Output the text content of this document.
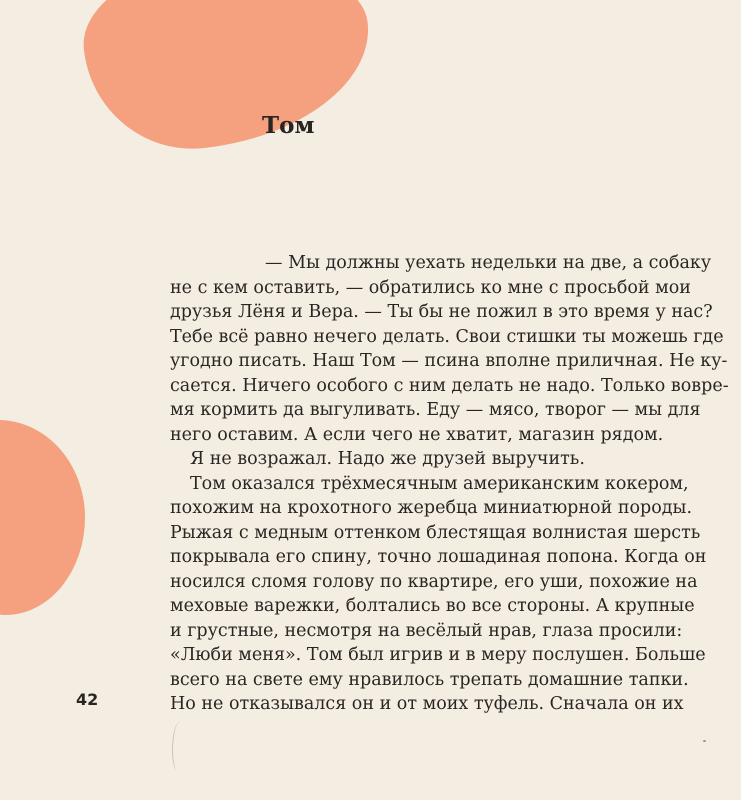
Том
— Мы должны уехать недельки на две, а собаку
не с кем оставить, — обратились ко мне с просьбой мои
друзья Лёня и Вера. — Ты бы не пожил в это время у нас?
Тебе всё равно нечего делать. Свои стишки ты можешь где
угодно писать. Наш Том — псина вполне приличная. Не ку-
сается. Ничего особого с ним делать не надо. Только вовре-
мя кормить да выгуливать. Еду — мясо, творог — мы для
него оставим. А если чего не хватит, магазин рядом.
Я не возражал. Надо же друзей выручить.
Том оказался трёхмесячным американским кокером,
похожим на крохотного жеребца миниатюрной породы.
Рыжая с медным оттенком блестящая волнистая шерсть
покрывала его спину, точно лошадиная попона. Когда он
носился сломя голову по квартире, его уши, похожие на
меховые варежки, болтались во все стороны. А крупные
и грустные, несмотря на весёлый нрав, глаза просили:
«Люби меня». Том был игрив и в меру послушен. Больше
всего на свете ему нравилось трепать домашние тапки.
Но не отказывался он и от моих туфель. Сначала он их
42
